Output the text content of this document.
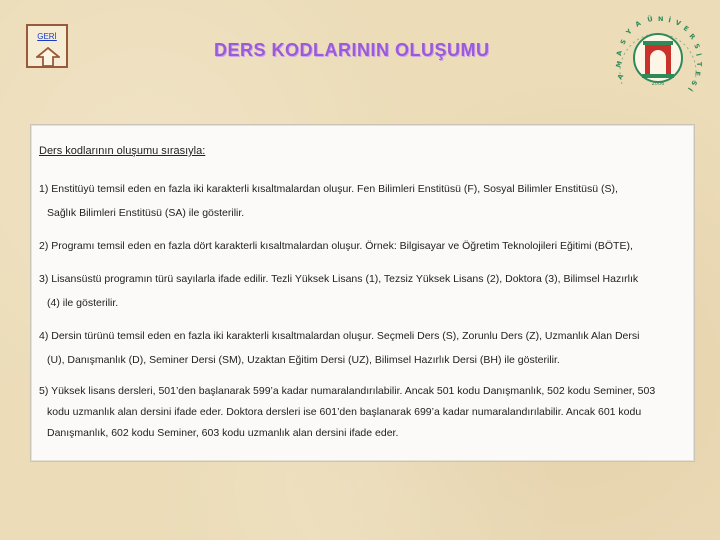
GERİ
DERS KODLARININ OLUŞUMU
A
M
A
S
Y
A Ü N İ V
E
R
S
İ
T
E
S
İ
2006

Ders kodlarının oluşumu sırasıyla:

1) Enstitüyü temsil eden en fazla iki karakterli kısaltmalardan oluşur. Fen Bilimleri Enstitüsü (F), Sosyal Bilimler Enstitüsü (S),
Sağlık Bilimleri Enstitüsü (SA) ile gösterilir.
2) Programı temsil eden en fazla dört karakterli kısaltmalardan oluşur. Örnek: Bilgisayar ve Öğretim Teknolojileri Eğitimi (BÖTE),
3) Lisansüstü programın türü sayılarla ifade edilir. Tezli Yüksek Lisans (1), Tezsiz Yüksek Lisans (2), Doktora (3), Bilimsel Hazırlık
(4) ile gösterilir.
4) Dersin türünü temsil eden en fazla iki karakterli kısaltmalardan oluşur. Seçmeli Ders (S), Zorunlu Ders (Z), Uzmanlık Alan Dersi
(U), Danışmanlık (D), Seminer Dersi (SM), Uzaktan Eğitim Dersi (UZ), Bilimsel Hazırlık Dersi (BH) ile gösterilir.
5) Yüksek lisans dersleri, 501’den başlanarak 599’a kadar numaralandırılabilir. Ancak 501 kodu Danışmanlık, 502 kodu Seminer, 503
kodu uzmanlık alan dersini ifade eder. Doktora dersleri ise 601’den başlanarak 699’a kadar numaralandırılabilir. Ancak 601 kodu
Danışmanlık, 602 kodu Seminer, 603 kodu uzmanlık alan dersini ifade eder.
